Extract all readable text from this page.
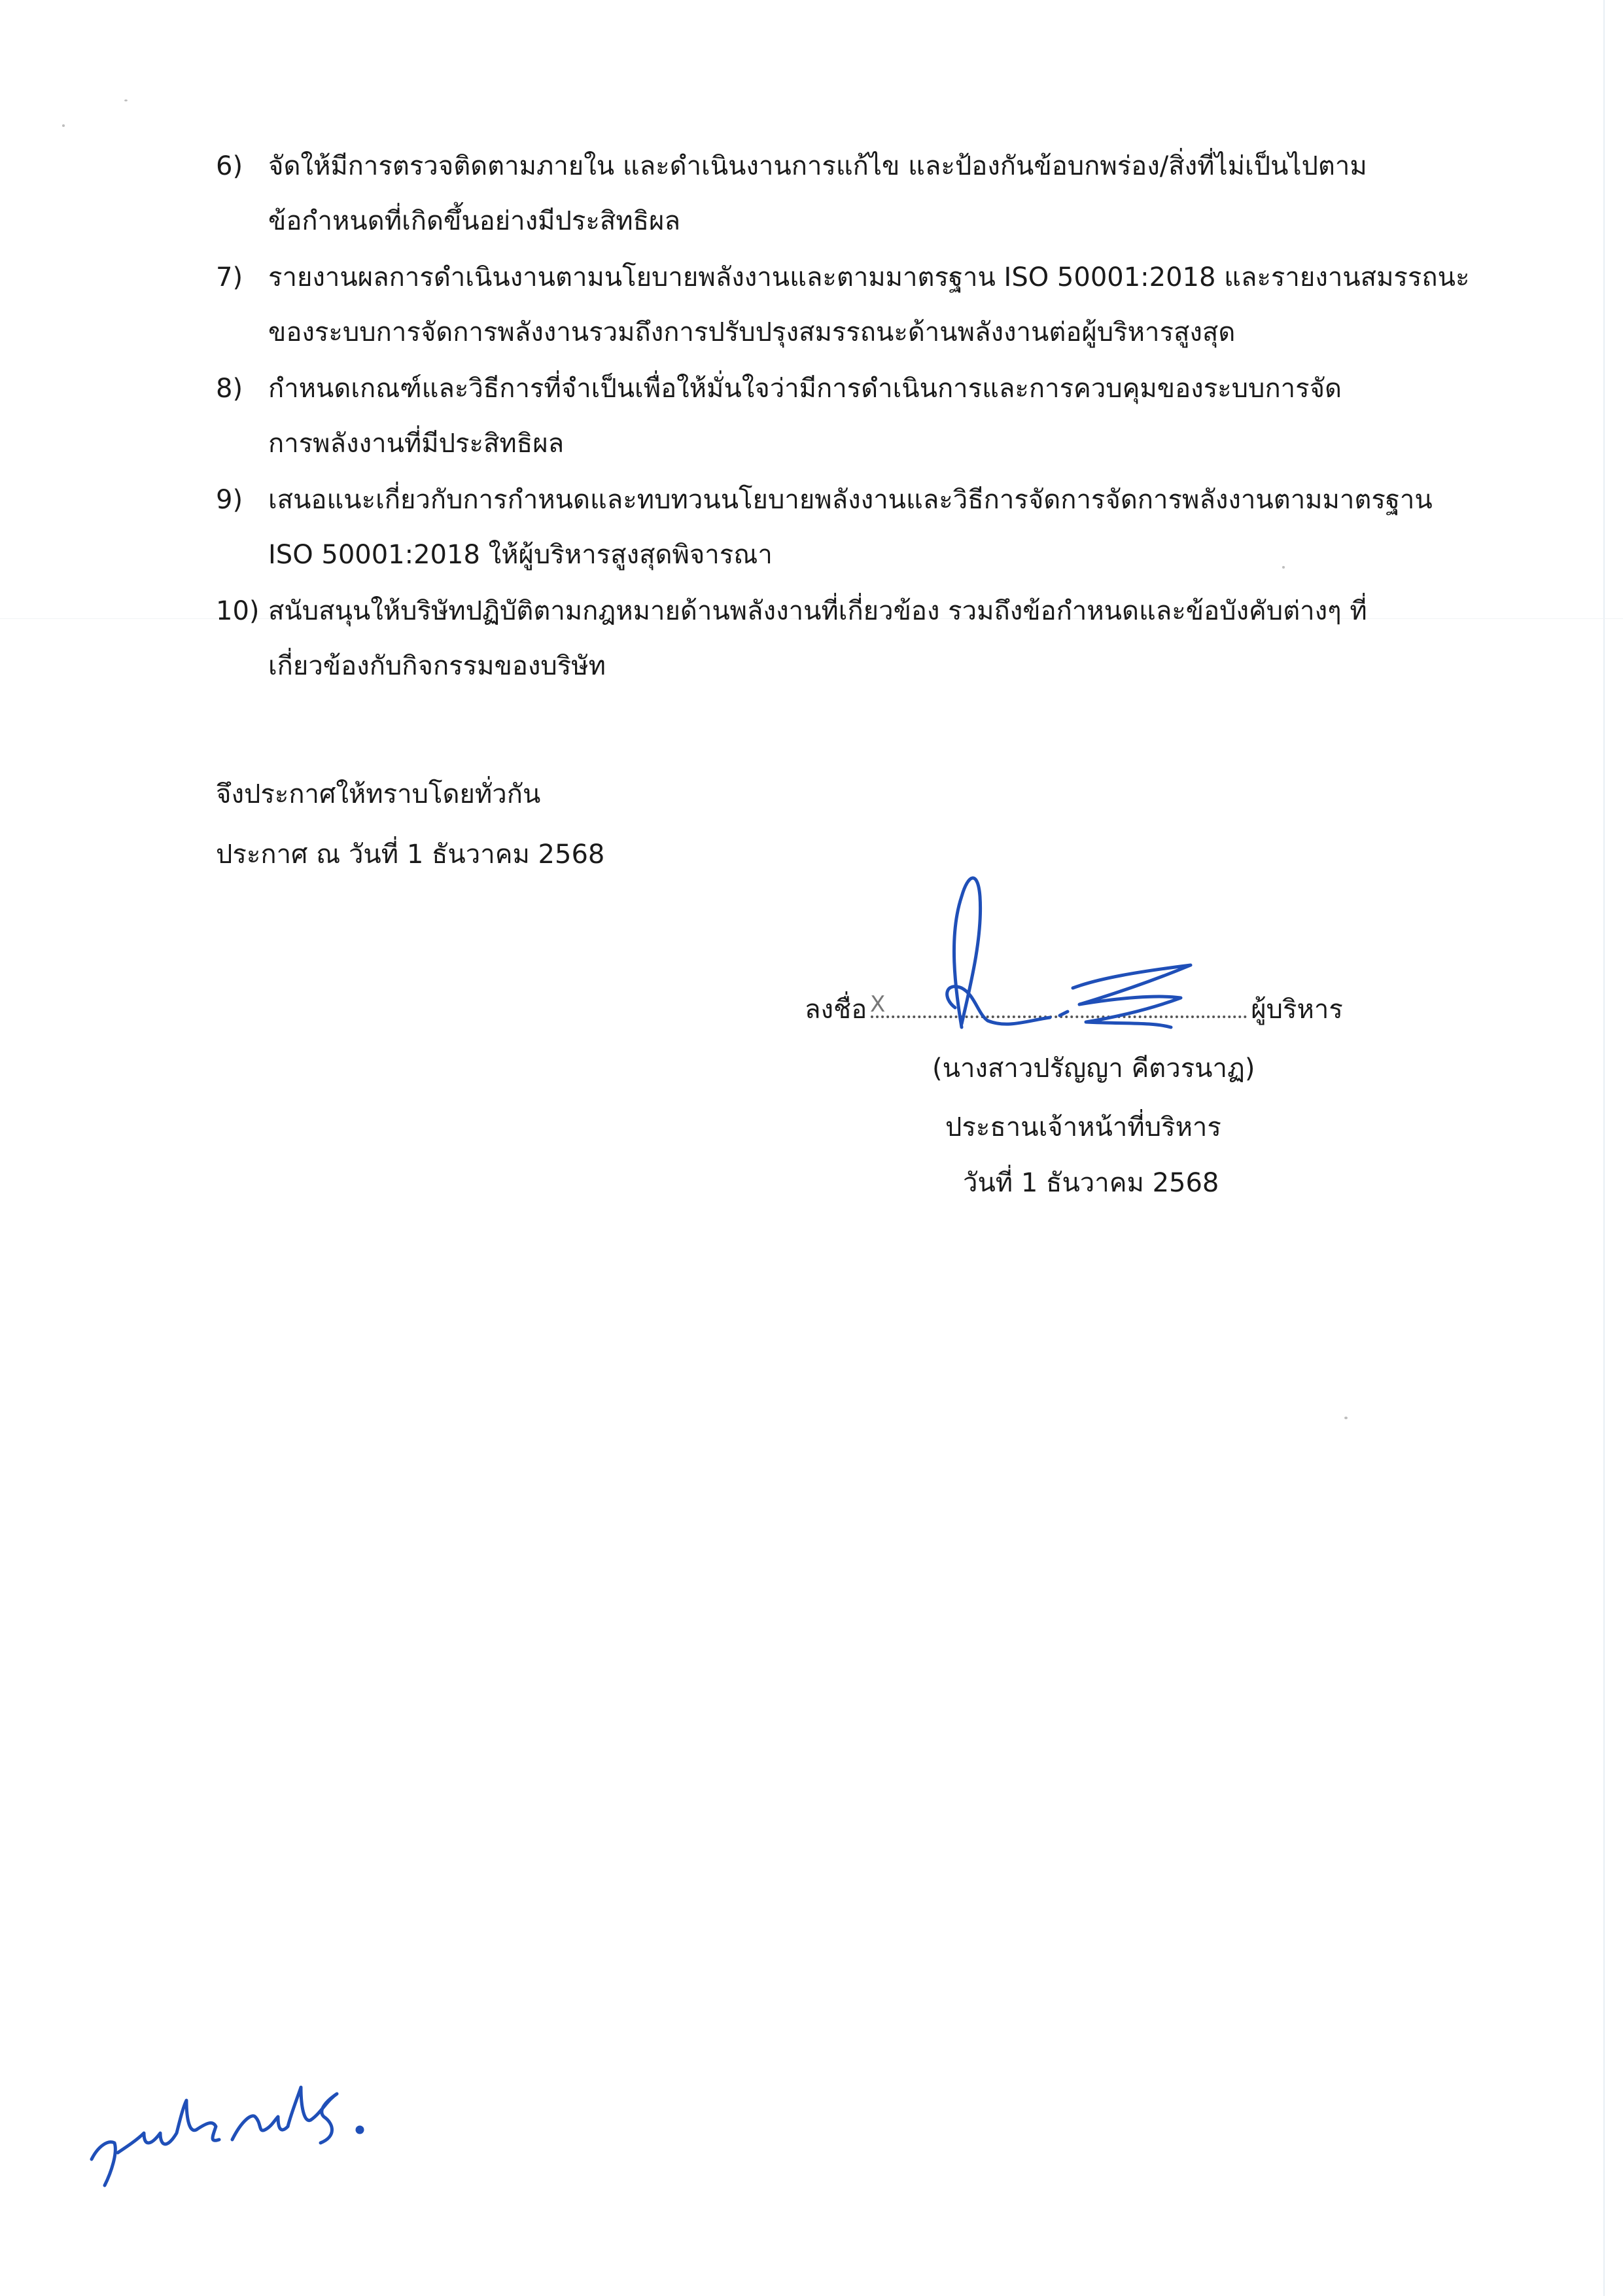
6) จัดให้มีการตรวจติดตามภายใน และดำเนินงานการแก้ไข และป้องกันข้อบกพร่อง/สิ่งที่ไม่เป็นไปตาม
ข้อกำหนดที่เกิดขึ้นอย่างมีประสิทธิผล
7) รายงานผลการดำเนินงานตามนโยบายพลังงานและตามมาตรฐาน ISO 50001:2018 และรายงานสมรรถนะ
ของระบบการจัดการพลังงานรวมถึงการปรับปรุงสมรรถนะด้านพลังงานต่อผู้บริหารสูงสุด
8) กำหนดเกณฑ์และวิธีการที่จำเป็นเพื่อให้มั่นใจว่ามีการดำเนินการและการควบคุมของระบบการจัด
การพลังงานที่มีประสิทธิผล
9) เสนอแนะเกี่ยวกับการกำหนดและทบทวนนโยบายพลังงานและวิธีการจัดการจัดการพลังงานตามมาตรฐาน
ISO 50001:2018 ให้ผู้บริหารสูงสุดพิจารณา
10) สนับสนุนให้บริษัทปฏิบัติตามกฎหมายด้านพลังงานที่เกี่ยวข้อง รวมถึงข้อกำหนดและข้อบังคับต่างๆ ที่
เกี่ยวข้องกับกิจกรรมของบริษัท
จึงประกาศให้ทราบโดยทั่วกัน
ประกาศ ณ วันที่ 1 ธันวาคม 2568
ลงชื่อ	ผู้บริหาร
(นางสาวปรัญญา คีตวรนาฏ)
ประธานเจ้าหน้าที่บริหาร
วันที่ 1 ธันวาคม 2568
X
